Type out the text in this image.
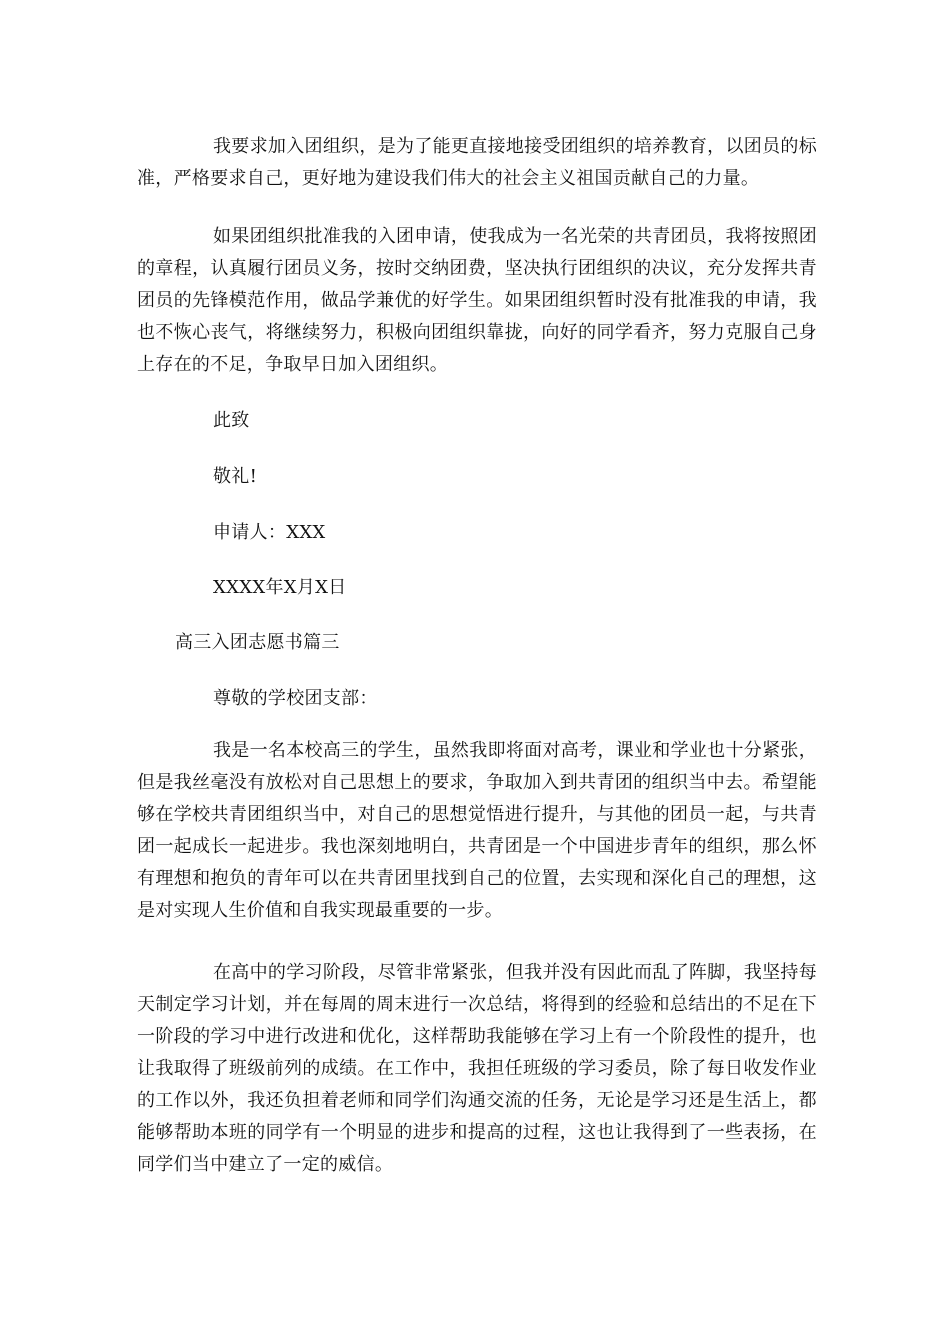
我要求加入团组织，是为了能更直接地接受团组织的培养教育，以团员的标准，严格要求自己，更好地为建设我们伟大的社会主义祖国贡献自己的力量。

如果团组织批准我的入团申请，使我成为一名光荣的共青团员，我将按照团的章程，认真履行团员义务，按时交纳团费，坚决执行团组织的决议，充分发挥共青团员的先锋模范作用，做品学兼优的好学生。如果团组织暂时没有批准我的申请，我也不恢心丧气，将继续努力，积极向团组织靠拢，向好的同学看齐，努力克服自己身上存在的不足，争取早日加入团组织。

此致

敬礼!

申请人：XXX

XXXX年X月X日

高三入团志愿书篇三

尊敬的学校团支部：

我是一名本校高三的学生，虽然我即将面对高考，课业和学业也十分紧张，但是我丝毫没有放松对自己思想上的要求，争取加入到共青团的组织当中去。希望能够在学校共青团组织当中，对自己的思想觉悟进行提升，与其他的团员一起，与共青团一起成长一起进步。我也深刻地明白，共青团是一个中国进步青年的组织，那么怀有理想和抱负的青年可以在共青团里找到自己的位置，去实现和深化自己的理想，这是对实现人生价值和自我实现最重要的一步。

在高中的学习阶段，尽管非常紧张，但我并没有因此而乱了阵脚，我坚持每天制定学习计划，并在每周的周末进行一次总结，将得到的经验和总结出的不足在下一阶段的学习中进行改进和优化，这样帮助我能够在学习上有一个阶段性的提升，也让我取得了班级前列的成绩。在工作中，我担任班级的学习委员，除了每日收发作业的工作以外，我还负担着老师和同学们沟通交流的任务，无论是学习还是生活上，都能够帮助本班的同学有一个明显的进步和提高的过程，这也让我得到了一些表扬，在同学们当中建立了一定的威信。
